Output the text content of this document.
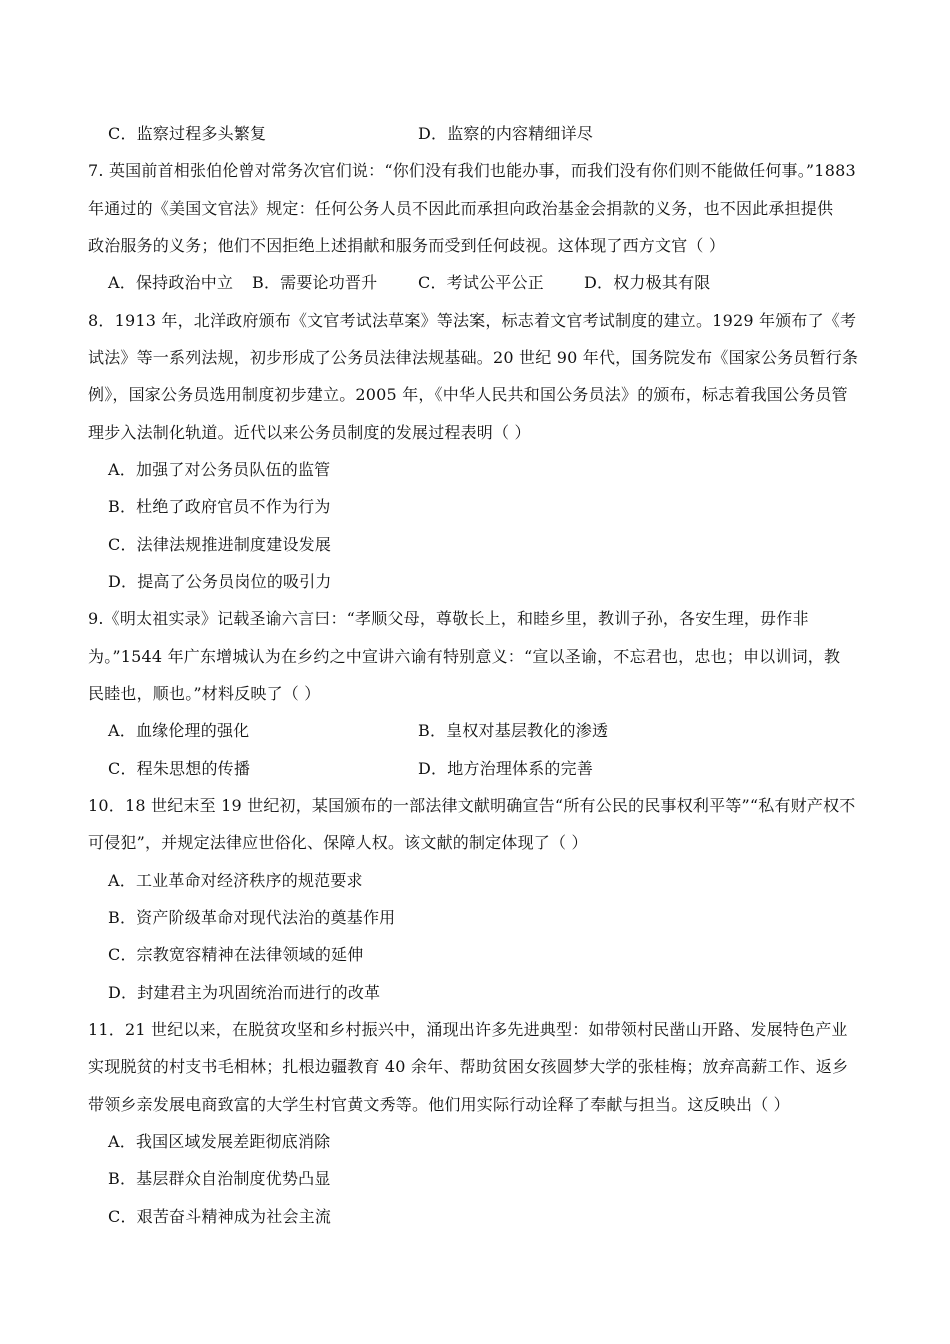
C．监察过程多头繁复	D．监察的内容精细详尽
7. 英国前首相张伯伦曾对常务次官们说：“你们没有我们也能办事，而我们没有你们则不能做任何事。”1883
年通过的《美国文官法》规定：任何公务人员不因此而承担向政治基金会捐款的义务，也不因此承担提供
政治服务的义务；他们不因拒绝上述捐献和服务而受到任何歧视。这体现了西方文官（ ）
A．保持政治中立	B．需要论功晋升	C．考试公平公正	D．权力极其有限
8．1913 年，北洋政府颁布《文官考试法草案》等法案，标志着文官考试制度的建立。1929 年颁布了《考
试法》等一系列法规，初步形成了公务员法律法规基础。20 世纪 90 年代，国务院发布《国家公务员暂行条
例》，国家公务员选用制度初步建立。2005 年，《中华人民共和国公务员法》的颁布，标志着我国公务员管
理步入法制化轨道。近代以来公务员制度的发展过程表明（ ）
A．加强了对公务员队伍的监管
B．杜绝了政府官员不作为行为
C．法律法规推进制度建设发展
D．提高了公务员岗位的吸引力
9.《明太祖实录》记载圣谕六言曰：“孝顺父母，尊敬长上，和睦乡里，教训子孙，各安生理，毋作非
为。”1544 年广东增城认为在乡约之中宣讲六谕有特别意义：“宣以圣谕，不忘君也，忠也；申以训词，教
民睦也，顺也。”材料反映了（ ）
A．血缘伦理的强化	B．皇权对基层教化的渗透
C．程朱思想的传播	D．地方治理体系的完善
10．18 世纪末至 19 世纪初，某国颁布的一部法律文献明确宣告“所有公民的民事权利平等”“私有财产权不
可侵犯”，并规定法律应世俗化、保障人权。该文献的制定体现了（ ）
A．工业革命对经济秩序的规范要求
B．资产阶级革命对现代法治的奠基作用
C．宗教宽容精神在法律领域的延伸
D．封建君主为巩固统治而进行的改革
11．21 世纪以来，在脱贫攻坚和乡村振兴中，涌现出许多先进典型：如带领村民凿山开路、发展特色产业
实现脱贫的村支书毛相林；扎根边疆教育 40 余年、帮助贫困女孩圆梦大学的张桂梅；放弃高薪工作、返乡
带领乡亲发展电商致富的大学生村官黄文秀等。他们用实际行动诠释了奉献与担当。这反映出（ ）
A．我国区域发展差距彻底消除
B．基层群众自治制度优势凸显
C．艰苦奋斗精神成为社会主流
